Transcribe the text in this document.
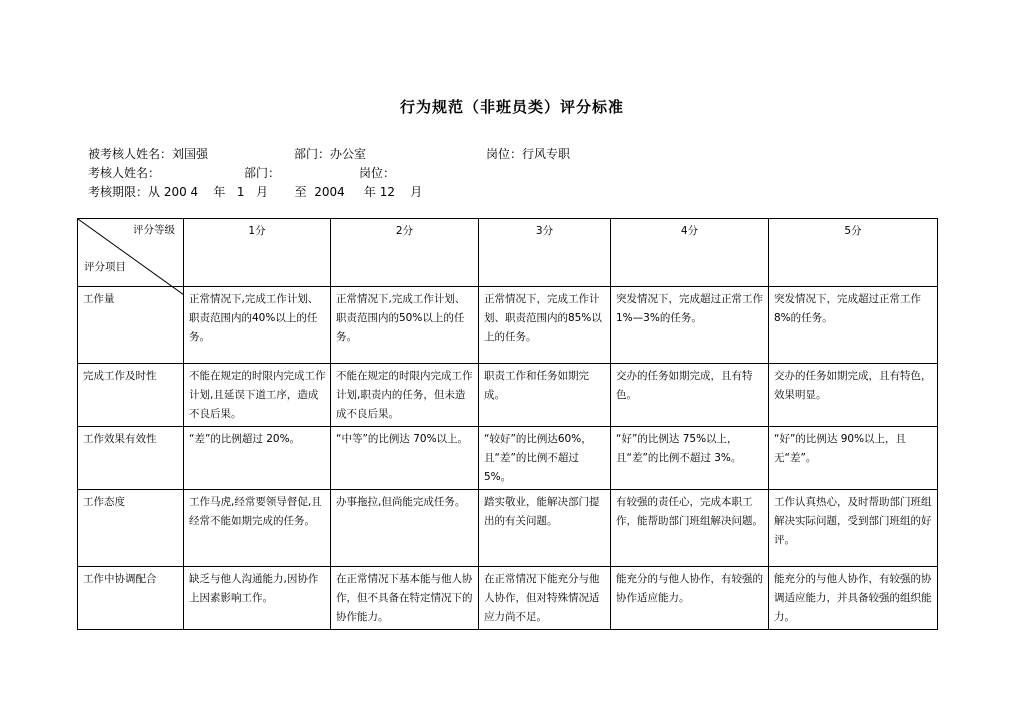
行为规范（非班员类）评分标准
被考核人姓名：刘国强	部门：办公室	岗位：行风专职
考核人姓名：	部门：	岗位：
考核期限：从 200 4    年   1   月       至  2004     年 12    月
评分等级
评分项目	1分	2分	3分	4分	5分
工作量	正常情况下,完成工作计划、职责范围内的40%以上的任务。	正常情况下,完成工作计划、职责范围内的50%以上的任务。	正常情况下，完成工作计划、职责范围内的85%以上的任务。	突发情况下，完成超过正常工作1%—3%的任务。	突发情况下，完成超过正常工作8%的任务。
完成工作及时性	不能在规定的时限内完成工作计划,且延误下道工序，造成不良后果。	不能在规定的时限内完成工作计划,职责内的任务，但未造成不良后果。	职责工作和任务如期完成。	交办的任务如期完成，且有特色。	交办的任务如期完成，且有特色，效果明显。
工作效果有效性	“差”的比例超过 20%。	“中等”的比例达 70%以上。	“较好”的比例达60%，且“差”的比例不超过 5%。	“好”的比例达 75%以上，且“差”的比例不超过 3%。	“好”的比例达 90%以上，且无“差”。
工作态度	工作马虎,经常要领导督促,且经常不能如期完成的任务。	办事拖拉,但尚能完成任务。	踏实敬业，能解决部门提出的有关问题。	有较强的责任心，完成本职工作，能帮助部门班组解决问题。	工作认真热心，及时帮助部门班组解决实际问题，受到部门班组的好评。
工作中协调配合	缺乏与他人沟通能力,因协作上因素影响工作。	在正常情况下基本能与他人协作，但不具备在特定情况下的协作能力。	在正常情况下能充分与他人协作，但对特殊情况适应力尚不足。	能充分的与他人协作，有较强的协作适应能力。	能充分的与他人协作，有较强的协调适应能力，并具备较强的组织能力。
